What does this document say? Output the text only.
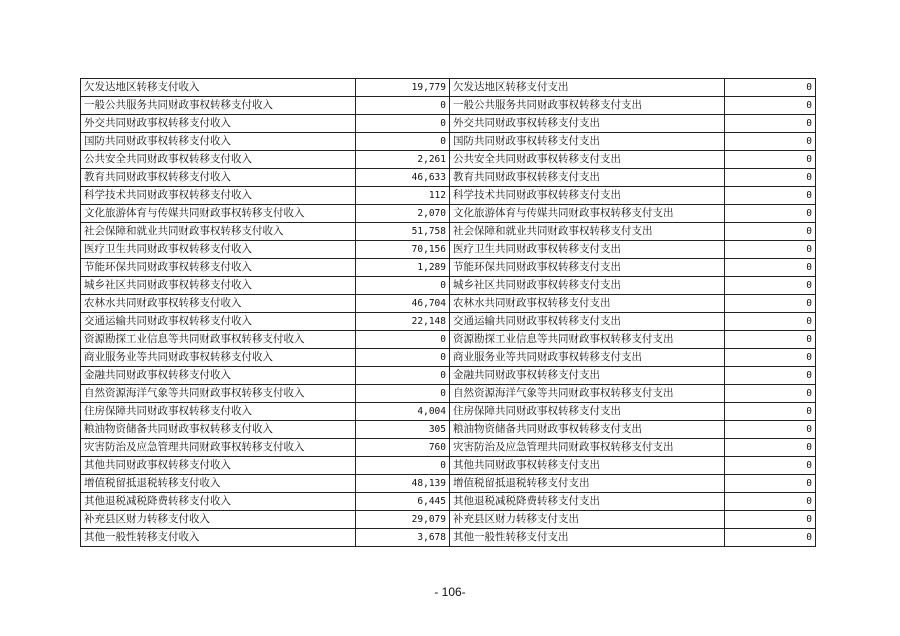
欠发达地区转移支付收入	19,779	欠发达地区转移支付支出	0
一般公共服务共同财政事权转移支付收入	0	一般公共服务共同财政事权转移支付支出	0
外交共同财政事权转移支付收入	0	外交共同财政事权转移支付支出	0
国防共同财政事权转移支付收入	0	国防共同财政事权转移支付支出	0
公共安全共同财政事权转移支付收入	2,261	公共安全共同财政事权转移支付支出	0
教育共同财政事权转移支付收入	46,633	教育共同财政事权转移支付支出	0
科学技术共同财政事权转移支付收入	112	科学技术共同财政事权转移支付支出	0
文化旅游体育与传媒共同财政事权转移支付收入	2,070	文化旅游体育与传媒共同财政事权转移支付支出	0
社会保障和就业共同财政事权转移支付收入	51,758	社会保障和就业共同财政事权转移支付支出	0
医疗卫生共同财政事权转移支付收入	70,156	医疗卫生共同财政事权转移支付支出	0
节能环保共同财政事权转移支付收入	1,289	节能环保共同财政事权转移支付支出	0
城乡社区共同财政事权转移支付收入	0	城乡社区共同财政事权转移支付支出	0
农林水共同财政事权转移支付收入	46,704	农林水共同财政事权转移支付支出	0
交通运输共同财政事权转移支付收入	22,148	交通运输共同财政事权转移支付支出	0
资源勘探工业信息等共同财政事权转移支付收入	0	资源勘探工业信息等共同财政事权转移支付支出	0
商业服务业等共同财政事权转移支付收入	0	商业服务业等共同财政事权转移支付支出	0
金融共同财政事权转移支付收入	0	金融共同财政事权转移支付支出	0
自然资源海洋气象等共同财政事权转移支付收入	0	自然资源海洋气象等共同财政事权转移支付支出	0
住房保障共同财政事权转移支付收入	4,004	住房保障共同财政事权转移支付支出	0
粮油物资储备共同财政事权转移支付收入	305	粮油物资储备共同财政事权转移支付支出	0
灾害防治及应急管理共同财政事权转移支付收入	760	灾害防治及应急管理共同财政事权转移支付支出	0
其他共同财政事权转移支付收入	0	其他共同财政事权转移支付支出	0
增值税留抵退税转移支付收入	48,139	增值税留抵退税转移支付支出	0
其他退税减税降费转移支付收入	6,445	其他退税减税降费转移支付支出	0
补充县区财力转移支付收入	29,079	补充县区财力转移支付支出	0
其他一般性转移支付收入	3,678	其他一般性转移支付支出	0
- 106-
